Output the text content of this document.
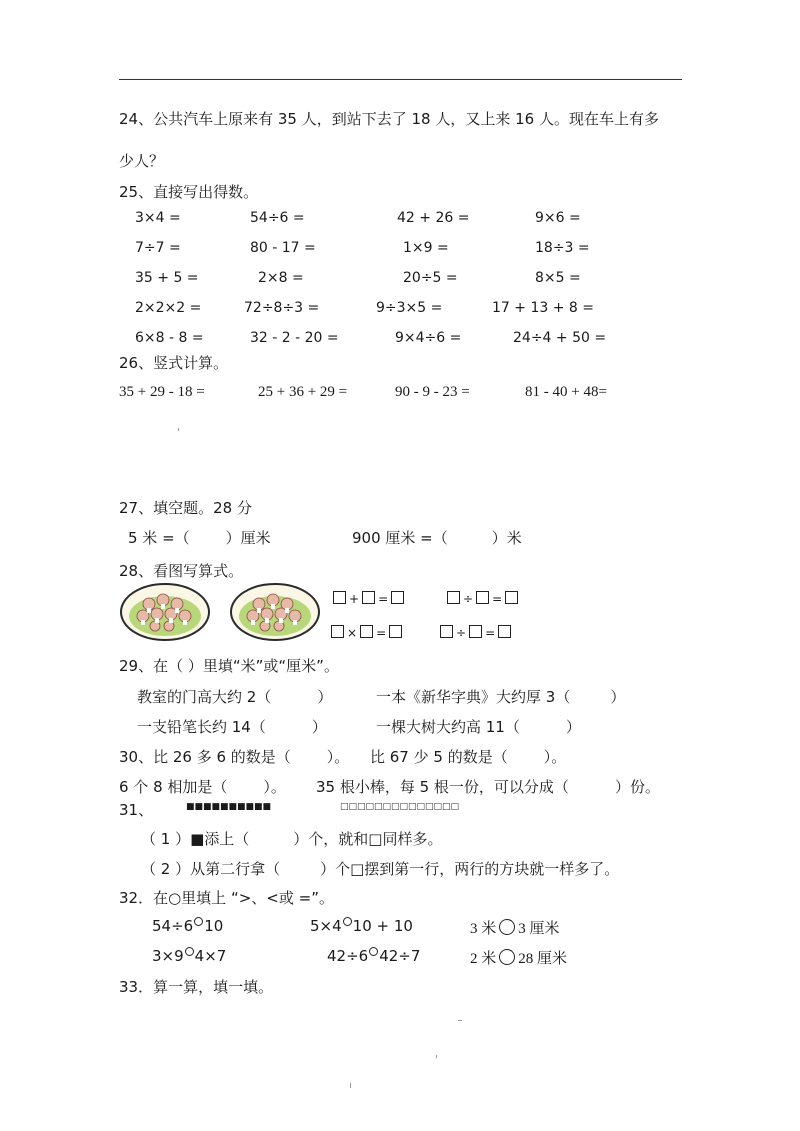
24、公共汽车上原来有 35 人，到站下去了 18 人，又上来 16 人。现在车上有多
少人？
25、直接写出得数。
3×4 =	54÷6 =	42 + 26 =	9×6 =
7÷7 =	80 - 17 =	1×9 =	18÷3 =
35 + 5 =	2×8 =	20÷5 =	8×5 =
2×2×2 =	72÷8÷3 =	9÷3×5 =	17 + 13 + 8 =
6×8 - 8 =	32 - 2 - 20 =	9×4÷6 =	24÷4 + 50 =
26、竖式计算。
35 + 29 - 18 =	25 + 36 + 29 =	90 - 9 - 23 =	81 - 40 + 48=
27、填空题。28 分
5 米 =（ ）厘米	900 厘米 =（	）米
28、看图写算式。
+ =	÷ =
× =	÷ =
29、在（ ）里填“米”或“厘米”。
教室的门高大约 2（	）	一本《新华字典》大约厚 3（	）
一支铅笔长约 14（	）	一棵大树大约高 11（	）
30、比 26 多 6 的数是（ ）。 比 67 少 5 的数是（ ）。
6 个 8 相加是（ ）。 35 根小棒，每 5 根一份，可以分成（	）份。
31、	■■■■■■■■■■	□□□□□□□□□□□□□□
（ 1 ）■添上（	）个，就和□同样多。
（ 2 ）从第二行拿（	）个□摆到第一行，两行的方块就一样多了。
32．在○里填上 “>、<或 =”。
54÷6 10	5×4 10 + 10	3 米 3 厘米
3×9 4×7	42÷6 42÷7	2 米 28 厘米
33．算一算，填一填。
